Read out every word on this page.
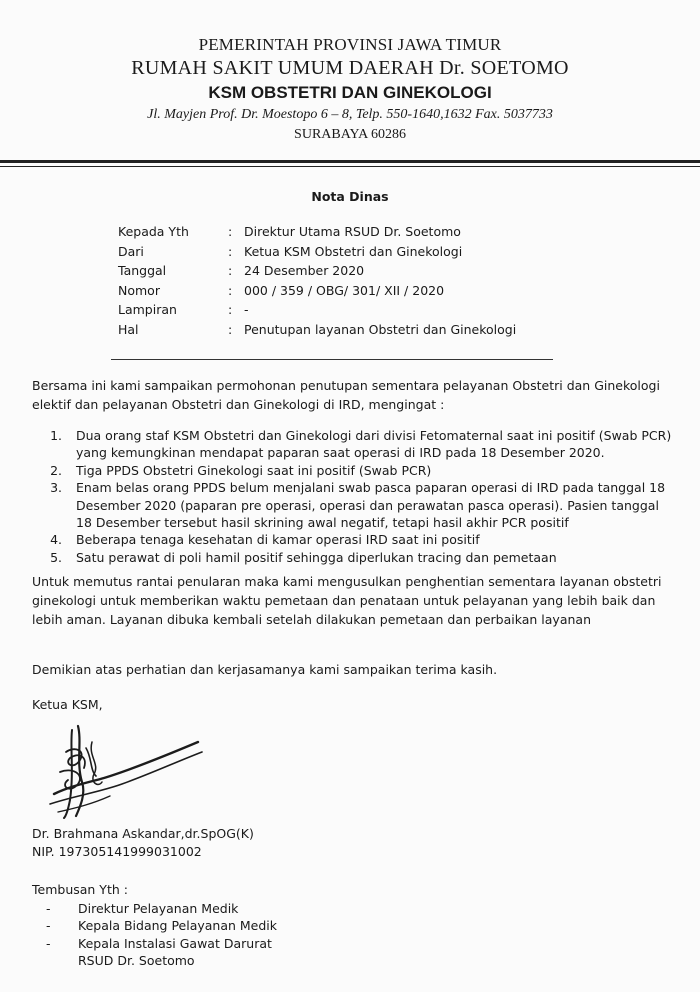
PEMERINTAH PROVINSI JAWA TIMUR
RUMAH SAKIT UMUM DAERAH Dr. SOETOMO
KSM OBSTETRI DAN GINEKOLOGI
Jl. Mayjen Prof. Dr. Moestopo 6 – 8, Telp. 550-1640,1632 Fax. 5037733
SURABAYA 60286
Nota Dinas
Kepada Yth	: Direktur Utama RSUD Dr. Soetomo
Dari	: Ketua KSM Obstetri dan Ginekologi
Tanggal	: 24 Desember 2020
Nomor	: 000 / 359 / OBG/ 301/ XII / 2020
Lampiran	: -
Hal	: Penutupan layanan Obstetri dan Ginekologi

Bersama ini kami sampaikan permohonan penutupan sementara pelayanan Obstetri dan Ginekologi elektif dan pelayanan Obstetri dan Ginekologi di IRD, mengingat :

1.	Dua orang staf KSM Obstetri dan Ginekologi dari divisi Fetomaternal saat ini positif (Swab PCR) yang kemungkinan mendapat paparan saat operasi di IRD pada 18 Desember 2020.
2.	Tiga PPDS Obstetri Ginekologi saat ini positif (Swab PCR)
3.	Enam belas orang PPDS belum menjalani swab pasca paparan operasi di IRD pada tanggal 18 Desember 2020 (paparan pre operasi, operasi dan perawatan pasca operasi). Pasien tanggal 18 Desember tersebut hasil skrining awal negatif, tetapi hasil akhir PCR positif
4.	Beberapa tenaga kesehatan di kamar operasi IRD saat ini positif
5.	Satu perawat di poli hamil positif sehingga diperlukan tracing dan pemetaan

Untuk memutus rantai penularan maka kami mengusulkan penghentian sementara layanan obstetri ginekologi untuk memberikan waktu pemetaan dan penataan untuk pelayanan yang lebih baik dan lebih aman. Layanan dibuka kembali setelah dilakukan pemetaan dan perbaikan layanan

Demikian atas perhatian dan kerjasamanya kami sampaikan terima kasih.

Ketua KSM,
Dr. Brahmana Askandar,dr.SpOG(K)
NIP. 197305141999031002
Tembusan Yth :
-	Direktur Pelayanan Medik
-	Kepala Bidang Pelayanan Medik
-	Kepala Instalasi Gawat Darurat
RSUD Dr. Soetomo
